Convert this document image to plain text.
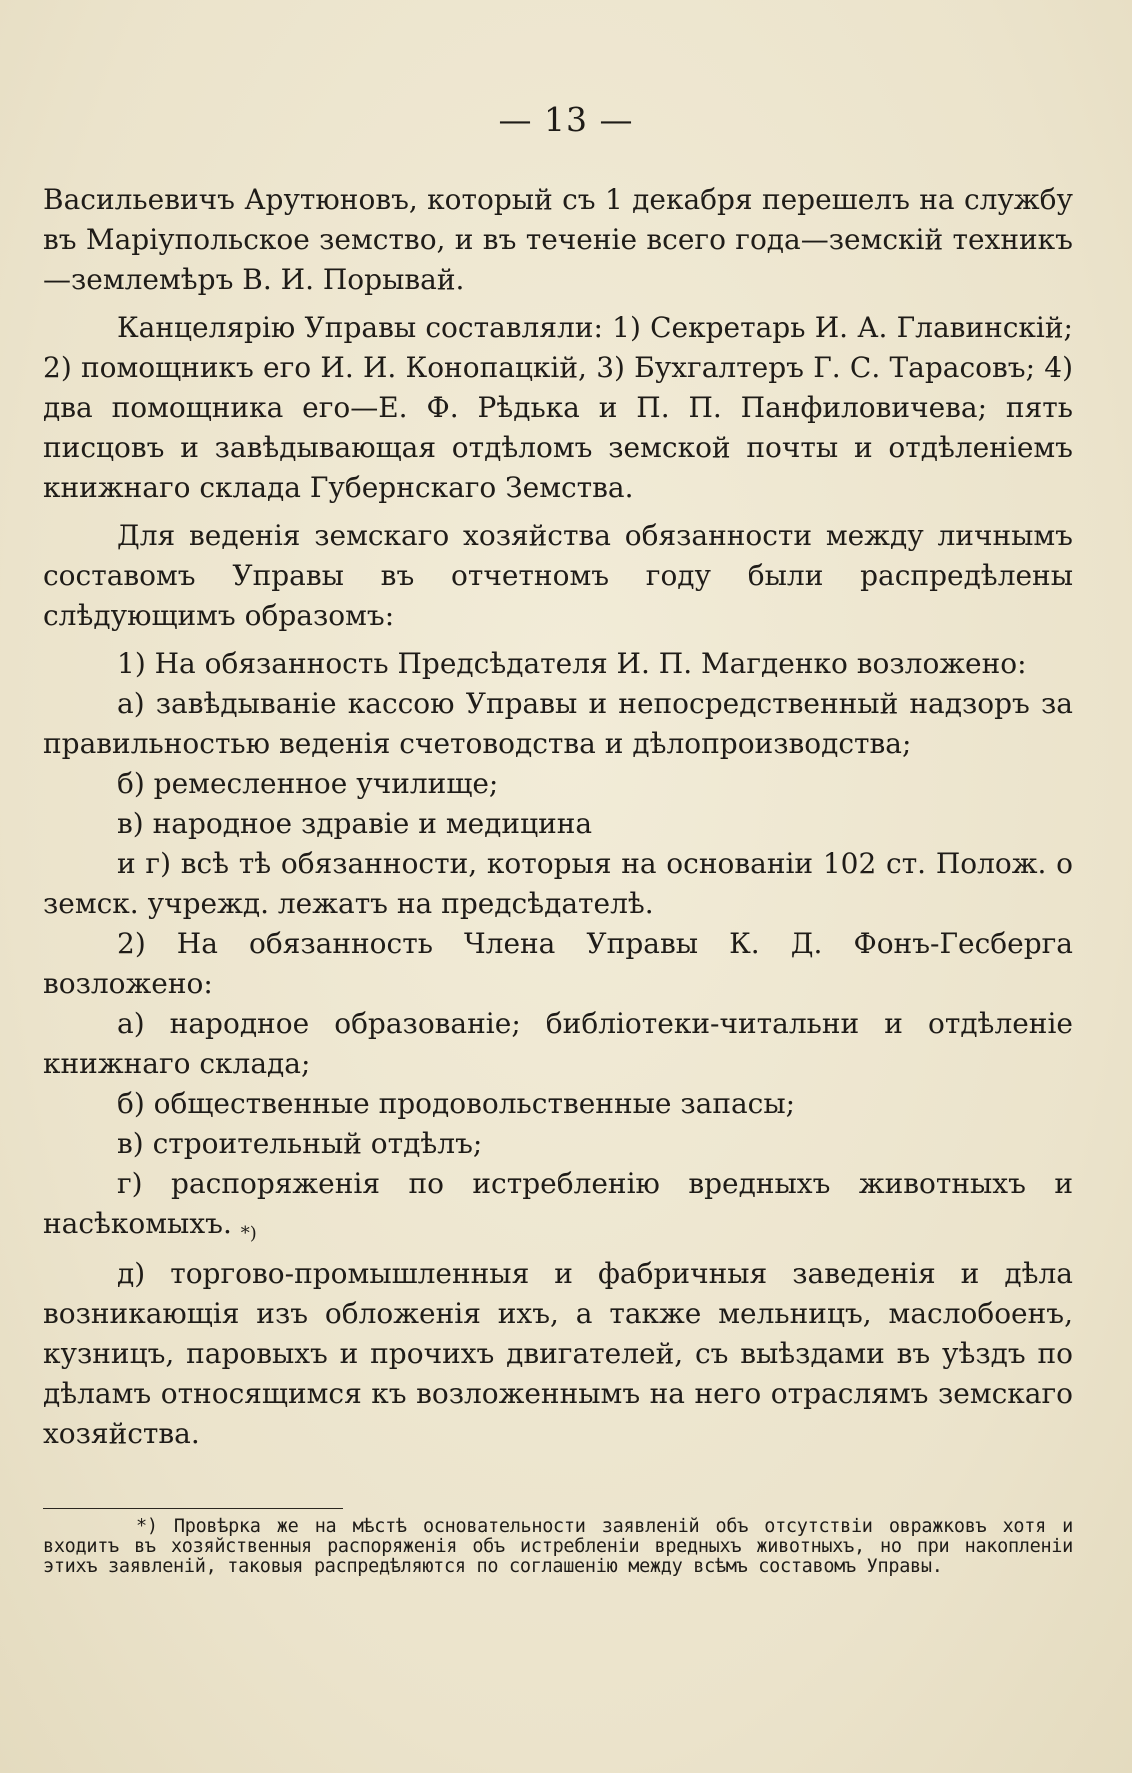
— 13 —

Васильевичъ Арутюновъ, который съ 1 декабря перешелъ на службу въ Маріупольское земство, и въ теченіе всего года—земскій техникъ—землемѣръ В. И. Порывай.

Канцелярію Управы составляли: 1) Секретарь И. А. Главинскій; 2) помощникъ его И. И. Конопацкій, 3) Бухгалтеръ Г. С. Тарасовъ; 4) два помощника его—Е. Ф. Рѣдька и П. П. Панфиловичева; пять писцовъ и завѣдывающая отдѣломъ земской почты и отдѣленіемъ книжнаго склада Губернскаго Земства.

Для веденія земскаго хозяйства обязанности между личнымъ составомъ Управы въ отчетномъ году были распредѣлены слѣдующимъ образомъ:

1) На обязанность Предсѣдателя И. П. Магденко возложено:

а) завѣдываніе кассою Управы и непосредственный надзоръ за правильностью веденія счетоводства и дѣлопроизводства;

б) ремесленное училище;

в) народное здравіе и медицина

и г) всѣ тѣ обязанности, которыя на основаніи 102 ст. Полож. о земск. учрежд. лежатъ на предсѣдателѣ.

2) На обязанность Члена Управы К. Д. Фонъ-Гесберга возложено:

а) народное образованіе; библіотеки-читальни и отдѣленіе книжнаго склада;

б) общественные продовольственные запасы;

в) строительный отдѣлъ;

г) распоряженія по истребленію вредныхъ животныхъ и насѣкомыхъ. $_{*)}$

д) торгово-промышленныя и фабричныя заведенія и дѣла возникающія изъ обложенія ихъ, а также мельницъ, маслобоенъ, кузницъ, паровыхъ и прочихъ двигателей, съ выѣздами въ уѣздъ по дѣламъ относящимся къ возложеннымъ на него отраслямъ земскаго хозяйства.

*) Провѣрка же на мѣстѣ основательности заявленій объ отсутствіи овражковъ хотя и входитъ въ хозяйственныя распоряженія объ истребленіи вредныхъ животныхъ, но при накопленіи этихъ заявленій, таковыя распредѣляются по соглашенію между всѣмъ составомъ Управы.
